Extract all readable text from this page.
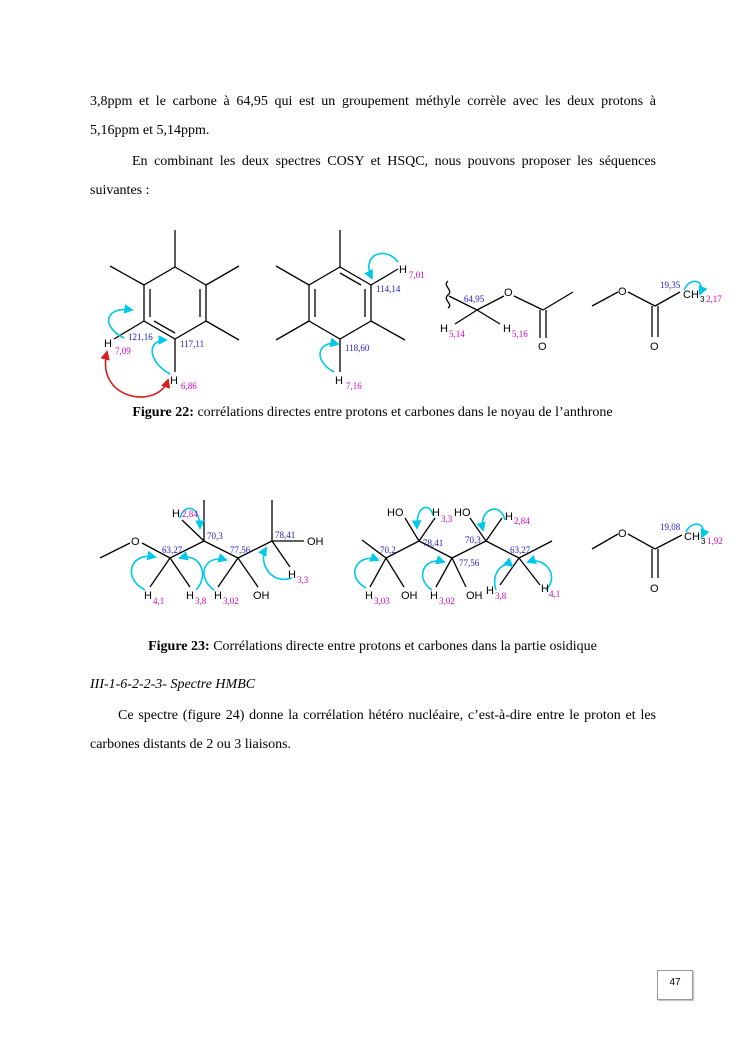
3,8ppm et le carbone à 64,95 qui est un groupement méthyle corrèle avec les deux protons à 5,16ppm et 5,14ppm.

En combinant les deux spectres COSY et HSQC, nous pouvons proposer les séquences suivantes :

H
7,09
121,16
117,11
H 6,86
H 7,01
114,14
118,60
H 7,16
O
O
64,95
H 5,14	H 5,16
O
O
19,35
CH 3 2,17
O	OH
OH
H 2,84
70,3	78,41
63,27	77,56
H 3,3
H 4,1 H 3,8 H 3,02
HO	HO
H 3,3	H 2,84
70,2
78,41 70,3
77,56
63,27
H 3,03 OH H 3,02 OH H 3,8
H 4,1
O
O
19,08
CH 3 1,92

Figure 22: corrélations directes entre protons et carbones dans le noyau de l’anthrone

Figure 23: Corrélations directe entre protons et carbones dans la partie osidique

III-1-6-2-2-3- Spectre HMBC

Ce spectre (figure 24) donne la corrélation hétéro nucléaire, c’est-à-dire entre le proton et les carbones distants de 2 ou 3 liaisons.

47
